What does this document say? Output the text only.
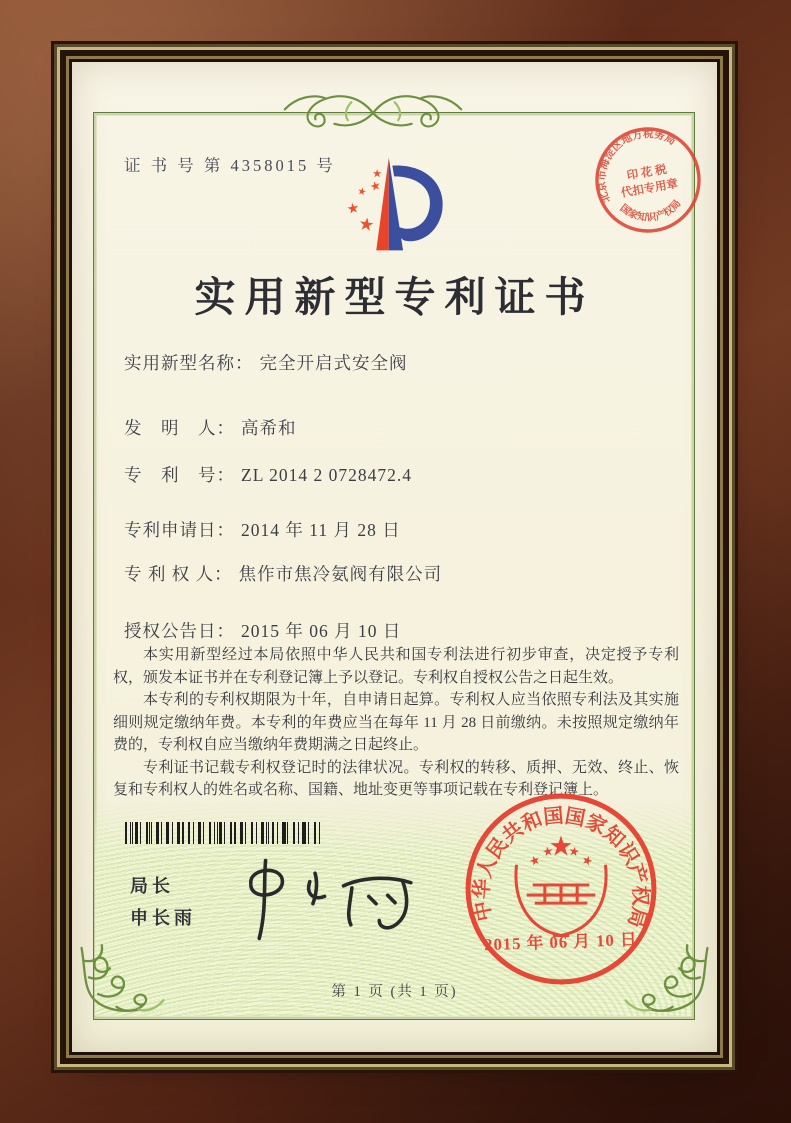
证 书 号 第 4358015 号
北京市海淀区地方税务局
国家知识产权局
印 花 税
代扣专用章
实用新型专利证书
实用新型名称： 完全开启式安全阀
发　明　人： 高希和
专　利　号： ZL 2014 2 0728472.4
专利申请日： 2014 年 11 月 28 日
专 利 权 人： 焦作市焦冷氨阀有限公司
授权公告日： 2015 年 06 月 10 日
本实用新型经过本局依照中华人民共和国专利法进行初步审查，决定授予专利权，颁发本证书并在专利登记簿上予以登记。专利权自授权公告之日起生效。
本专利的专利权期限为十年，自申请日起算。专利权人应当依照专利法及其实施细则规定缴纳年费。本专利的年费应当在每年 11 月 28 日前缴纳。未按照规定缴纳年费的，专利权自应当缴纳年费期满之日起终止。
专利证书记载专利权登记时的法律状况。专利权的转移、质押、无效、终止、恢复和专利权人的姓名或名称、国籍、地址变更等事项记载在专利登记簿上。
局长
申长雨	中华人民共和国国家知识产权局
2015 年 06 月 10 日
第 1 页 (共 1 页)
